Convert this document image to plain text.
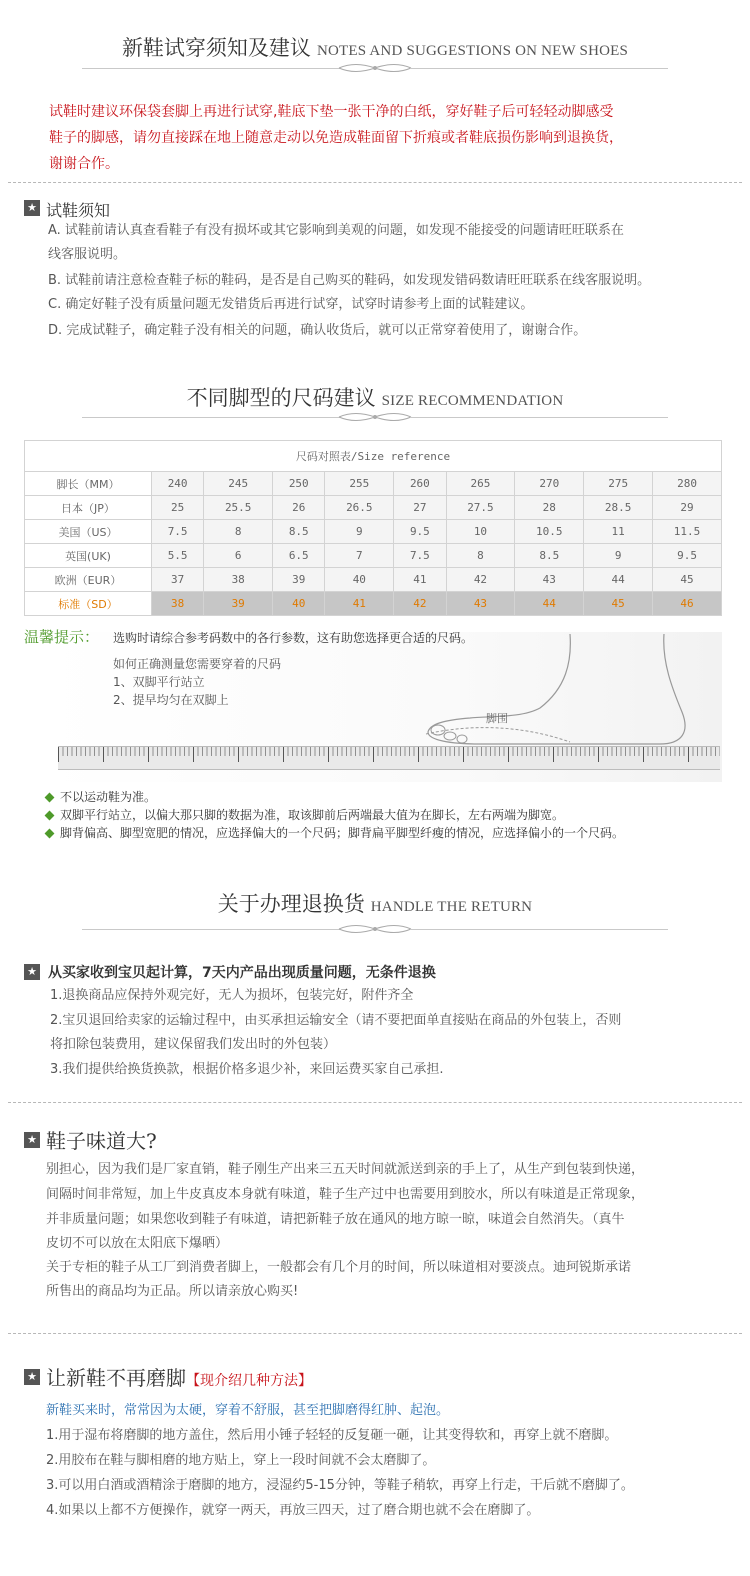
新鞋试穿须知及建议 NOTES AND SUGGESTIONS ON NEW SHOES
试鞋时建议环保袋套脚上再进行试穿,鞋底下垫一张干净的白纸，穿好鞋子后可轻轻动脚感受
鞋子的脚感，请勿直接踩在地上随意走动以免造成鞋面留下折痕或者鞋底损伤影响到退换货，
谢谢合作。
★ 试鞋须知
A. 试鞋前请认真查看鞋子有没有损坏或其它影响到美观的问题，如发现不能接受的问题请旺旺联系在
线客服说明。
B. 试鞋前请注意检查鞋子标的鞋码，是否是自己购买的鞋码，如发现发错码数请旺旺联系在线客服说明。
C. 确定好鞋子没有质量问题无发错货后再进行试穿，试穿时请参考上面的试鞋建议。
D. 完成试鞋子，确定鞋子没有相关的问题，确认收货后，就可以正常穿着使用了，谢谢合作。
不同脚型的尺码建议 SIZE RECOMMENDATION
尺码对照表/Size reference									
脚长（MM）	240	245	250	255	260	265	270	275	280
日本（JP）	25	25.5	26	26.5	27	27.5	28	28.5	29
美国（US）	7.5	8	8.5	9	9.5	10	10.5	11	11.5
英国(UK)	5.5	6	6.5	7	7.5	8	8.5	9	9.5
欧洲（EUR）	37	38	39	40	41	42	43	44	45
标准（SD）	38	39	40	41	42	43	44	45	46
脚围
温馨提示： 选购时请综合参考码数中的各行参数，这有助您选择更合适的尺码。
如何正确测量您需要穿着的尺码
1、双脚平行站立
2、提早均匀在双脚上
不以运动鞋为准。
双脚平行站立，以偏大那只脚的数据为准，取该脚前后两端最大值为在脚长，左右两端为脚宽。
脚背偏高、脚型宽肥的情况，应选择偏大的一个尺码；脚背扁平脚型纤瘦的情况，应选择偏小的一个尺码。
关于办理退换货 HANDLE THE RETURN
★ 从买家收到宝贝起计算，7天内产品出现质量问题，无条件退换
1.退换商品应保持外观完好，无人为损坏，包装完好，附件齐全
2.宝贝退回给卖家的运输过程中，由买承担运输安全（请不要把面单直接贴在商品的外包装上，否则
将扣除包装费用，建议保留我们发出时的外包装）
3.我们提供给换货换款，根据价格多退少补，来回运费买家自己承担.
★ 鞋子味道大?
别担心，因为我们是厂家直销，鞋子刚生产出来三五天时间就派送到亲的手上了，从生产到包装到快递，
间隔时间非常短，加上牛皮真皮本身就有味道，鞋子生产过中也需要用到胶水，所以有味道是正常现象，
并非质量问题；如果您收到鞋子有味道，请把新鞋子放在通风的地方晾一晾，味道会自然消失。（真牛
皮切不可以放在太阳底下爆晒）
关于专柜的鞋子从工厂到消费者脚上，一般都会有几个月的时间，所以味道相对要淡点。迪珂锐斯承诺
所售出的商品均为正品。所以请亲放心购买!
★ 让新鞋不再磨脚【现介绍几种方法】
新鞋买来时，常常因为太硬，穿着不舒服，甚至把脚磨得红肿、起泡。
1.用于湿布将磨脚的地方盖住，然后用小锤子轻轻的反复砸一砸，让其变得软和，再穿上就不磨脚。
2.用胶布在鞋与脚相磨的地方贴上，穿上一段时间就不会太磨脚了。
3.可以用白酒或酒精涂于磨脚的地方，浸湿约5-15分钟，等鞋子稍软，再穿上行走，干后就不磨脚了。
4.如果以上都不方便操作，就穿一两天，再放三四天，过了磨合期也就不会在磨脚了。
